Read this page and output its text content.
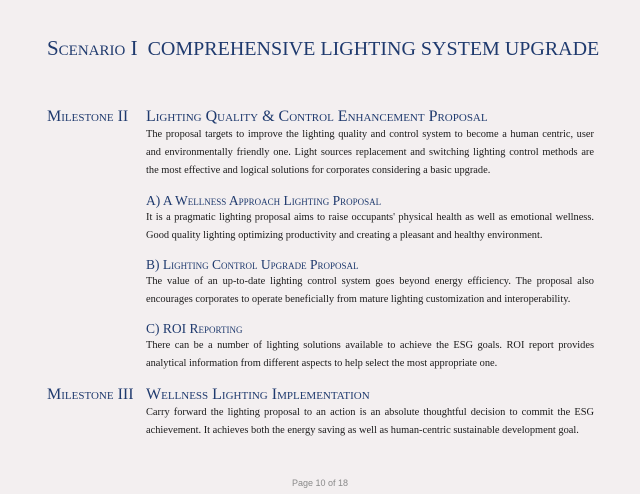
Scenario I COMPREHENSIVE LIGHTING SYSTEM UPGRADE
Milestone II Lighting Quality & Control Enhancement Proposal

The proposal targets to improve the lighting quality and control system to become a human centric, user and environmentally friendly one. Light sources replacement and switching lighting control methods are the most effective and logical solutions for corporates considering a basic upgrade.

A) A Wellness Approach Lighting Proposal

It is a pragmatic lighting proposal aims to raise occupants' physical health as well as emotional wellness. Good quality lighting optimizing productivity and creating a pleasant and healthy environment.

B) Lighting Control Upgrade Proposal

The value of an up-to-date lighting control system goes beyond energy efficiency. The proposal also encourages corporates to operate beneficially from mature lighting customization and interoperability.

C) ROI Reporting

There can be a number of lighting solutions available to achieve the ESG goals. ROI report provides analytical information from different aspects to help select the most appropriate one.

Milestone III Wellness Lighting Implementation

Carry forward the lighting proposal to an action is an absolute thoughtful decision to commit the ESG achievement. It achieves both the energy saving as well as human-centric sustainable development goal.

Page 10 of 18
